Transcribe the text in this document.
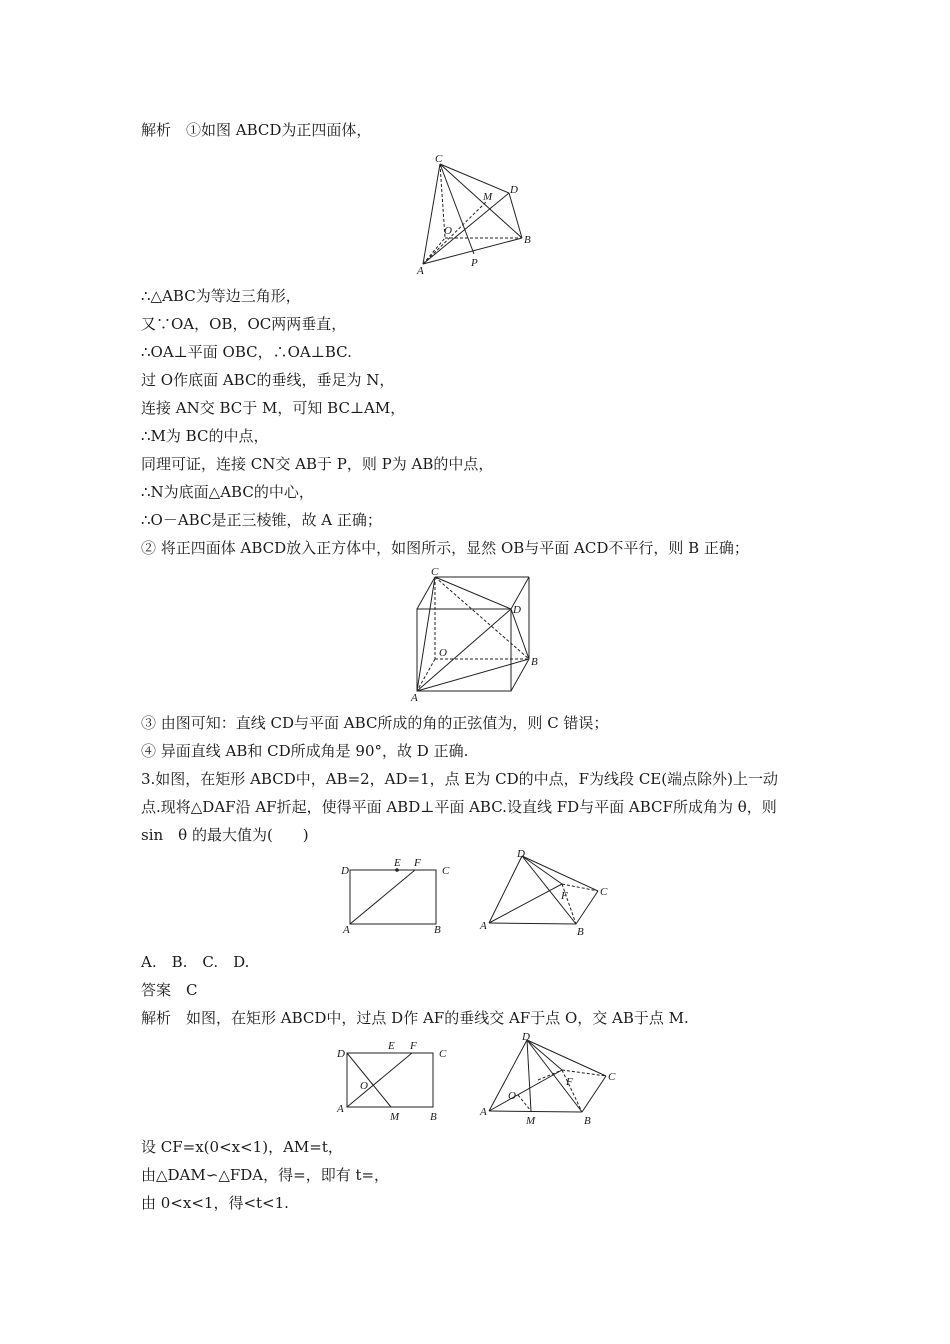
解析　①如图 ABCD为正四面体，
∴△ABC为等边三角形，
又∵OA，OB，OC两两垂直，
∴OA⊥平面 OBC，∴OA⊥BC.
过 O作底面 ABC的垂线，垂足为 N，
连接 AN交 BC于 M，可知 BC⊥AM，
∴M为 BC的中点，
同理可证，连接 CN交 AB于 P，则 P为 AB的中点，
∴N为底面△ABC的中心，
∴O－ABC是正三棱锥，故 A 正确；
② 将正四面体 ABCD放入正方体中，如图所示，显然 OB与平面 ACD不平行，则 B 正确；
③ 由图可知：直线 CD与平面 ABC所成的角的正弦值为，则 C 错误；
④ 异面直线 AB和 CD所成角是 90°，故 D 正确.
3.如图，在矩形 ABCD中，AB=2，AD=1，点 E为 CD的中点，F为线段 CE(端点除外)上一动
点.现将△DAF沿 AF折起，使得平面 ABD⊥平面 ABC.设直线 FD与平面 ABCF所成角为 θ，则
sin　θ 的最大值为(　　)
A.　B.　C.　D.
答案　C
解析　如图，在矩形 ABCD中，过点 D作 AF的垂线交 AF于点 O，交 AB于点 M.
设 CF=x(0<x<1)，AM=t，
由△DAM∽△FDA，得=，即有 t=，
由 0<x<1，得<t<1.
C
M
D
O
B
A
P
C
D
O
B
A
D
E F
C
A	B
D
C
F
A	B
D
E F
C
O
A
M	B
D
C
O
F
A
M	B
